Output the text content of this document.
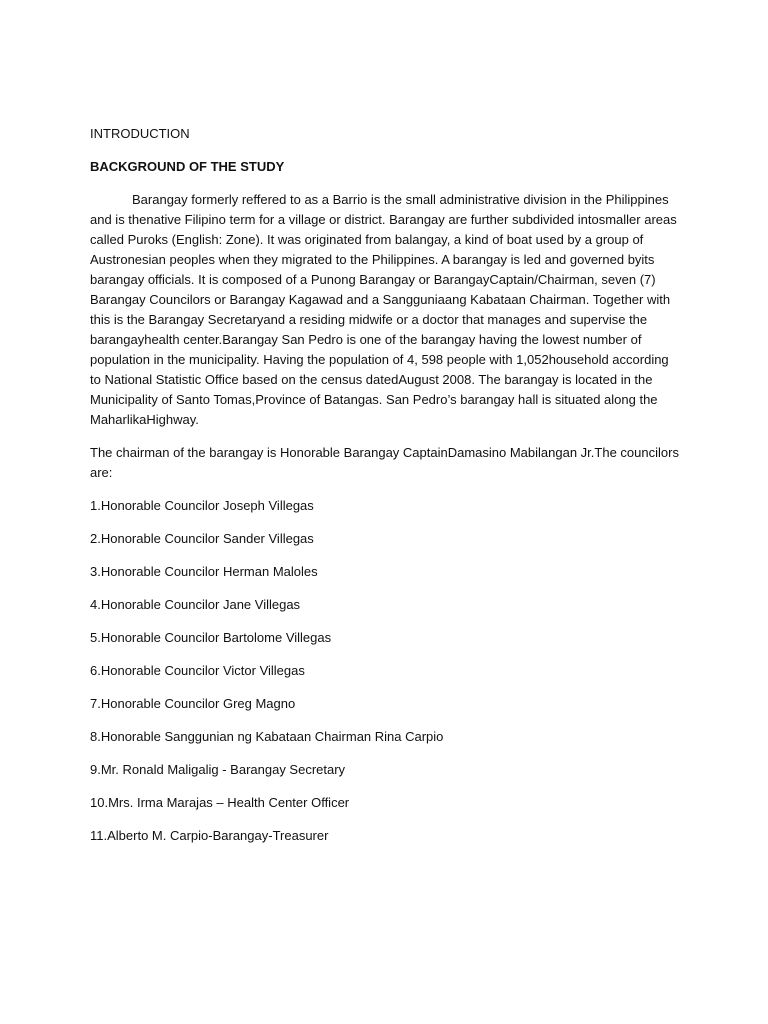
INTRODUCTION
BACKGROUND OF THE STUDY

Barangay formerly reffered to as a Barrio is the small administrative division in the Philippines and is thenative Filipino term for a village or district. Barangay are further subdivided intosmaller areas called Puroks (English: Zone). It was originated from balangay, a kind of boat used by a group of Austronesian peoples when they migrated to the Philippines. A barangay is led and governed byits barangay officials. It is composed of a Punong Barangay or BarangayCaptain/Chairman, seven (7) Barangay Councilors or Barangay Kagawad and a Sangguniaang Kabataan Chairman. Together with this is the Barangay Secretaryand a residing midwife or a doctor that manages and supervise the barangayhealth center.Barangay San Pedro is one of the barangay having the lowest number of population in the municipality. Having the population of 4, 598 people with 1,052household according to National Statistic Office based on the census datedAugust 2008. The barangay is located in the Municipality of Santo Tomas,Province of Batangas. San Pedro’s barangay hall is situated along the MaharlikaHighway.

The chairman of the barangay is Honorable Barangay CaptainDamasino Mabilangan Jr.The councilors are:

1.Honorable Councilor Joseph Villegas
2.Honorable Councilor Sander Villegas
3.Honorable Councilor Herman Maloles
4.Honorable Councilor Jane Villegas
5.Honorable Councilor Bartolome Villegas
6.Honorable Councilor Victor Villegas
7.Honorable Councilor Greg Magno
8.Honorable Sanggunian ng Kabataan Chairman Rina Carpio
9.Mr. Ronald Maligalig - Barangay Secretary
10.Mrs. Irma Marajas – Health Center Officer
11.Alberto M. Carpio-Barangay-Treasurer
